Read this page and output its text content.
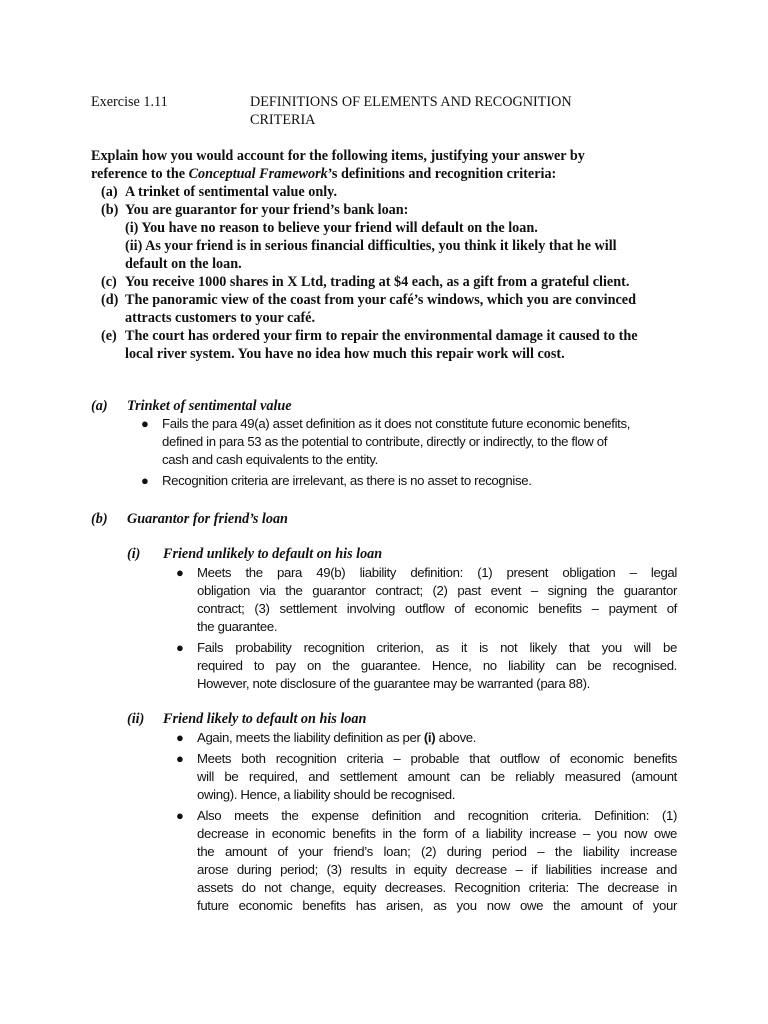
Exercise 1.11	DEFINITIONS OF ELEMENTS AND RECOGNITION
CRITERIA
Explain how you would account for the following items, justifying your answer by
reference to the Conceptual Framework’s definitions and recognition criteria:
(a) A trinket of sentimental value only.
(b) You are guarantor for your friend’s bank loan:
(i) You have no reason to believe your friend will default on the loan.
(ii) As your friend is in serious financial difficulties, you think it likely that he will
default on the loan.
(c) You receive 1000 shares in X Ltd, trading at $4 each, as a gift from a grateful client.
(d) The panoramic view of the coast from your café’s windows, which you are convinced
attracts customers to your café.
(e) The court has ordered your firm to repair the environmental damage it caused to the
local river system. You have no idea how much this repair work will cost.
(a) Trinket of sentimental value
● Fails the para 49(a) asset definition as it does not constitute future economic benefits,
defined in para 53 as the potential to contribute, directly or indirectly, to the flow of
cash and cash equivalents to the entity.
● Recognition criteria are irrelevant, as there is no asset to recognise.
(b) Guarantor for friend’s loan
(i) Friend unlikely to default on his loan
● Meets the para 49(b) liability definition: (1) present obligation – legal
obligation via the guarantor contract; (2) past event – signing the guarantor
contract; (3) settlement involving outflow of economic benefits – payment of
the guarantee.
● Fails probability recognition criterion, as it is not likely that you will be
required to pay on the guarantee. Hence, no liability can be recognised.
However, note disclosure of the guarantee may be warranted (para 88).
(ii) Friend likely to default on his loan
● Again, meets the liability definition as per (i) above.
● Meets both recognition criteria – probable that outflow of economic benefits
will be required, and settlement amount can be reliably measured (amount
owing). Hence, a liability should be recognised.
● Also meets the expense definition and recognition criteria. Definition: (1)
decrease in economic benefits in the form of a liability increase – you now owe
the amount of your friend’s loan; (2) during period – the liability increase
arose during period; (3) results in equity decrease – if liabilities increase and
assets do not change, equity decreases. Recognition criteria: The decrease in
future economic benefits has arisen, as you now owe the amount of your
